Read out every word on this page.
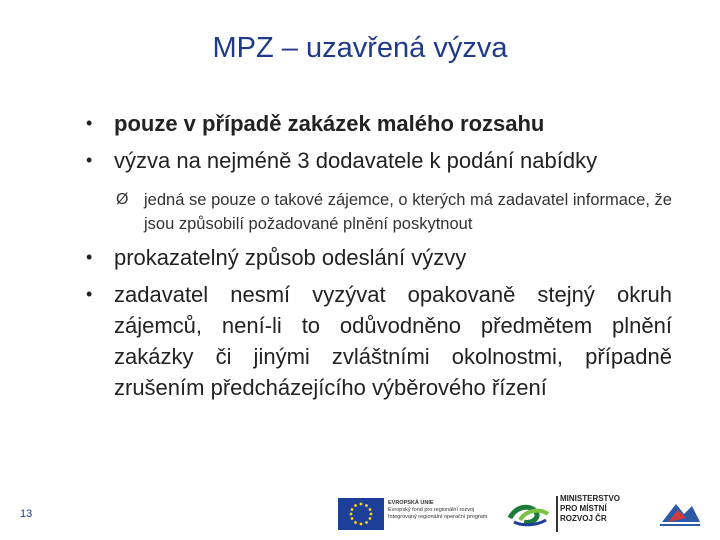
MPZ – uzavřená výzva
• pouze v případě zakázek malého rozsahu
• výzva na nejméně 3 dodavatele k podání nabídky
Ø jedná se pouze o takové zájemce, o kterých má zadavatel informace, že jsou způsobilí požadované plnění poskytnout
• prokazatelný způsob odeslání výzvy
• zadavatel nesmí vyzývat opakovaně stejný okruh zájemců, není-li to odůvodněno předmětem plnění zakázky či jinými zvláštními okolnostmi, případně zrušením předcházejícího výběrového řízení
13
EVROPSKÁ UNIE
Evropský fond pro regionální rozvoj
Integrovaný regionální operační program
MINISTERSTVO
PRO MÍSTNÍ
ROZVOJ ČR
